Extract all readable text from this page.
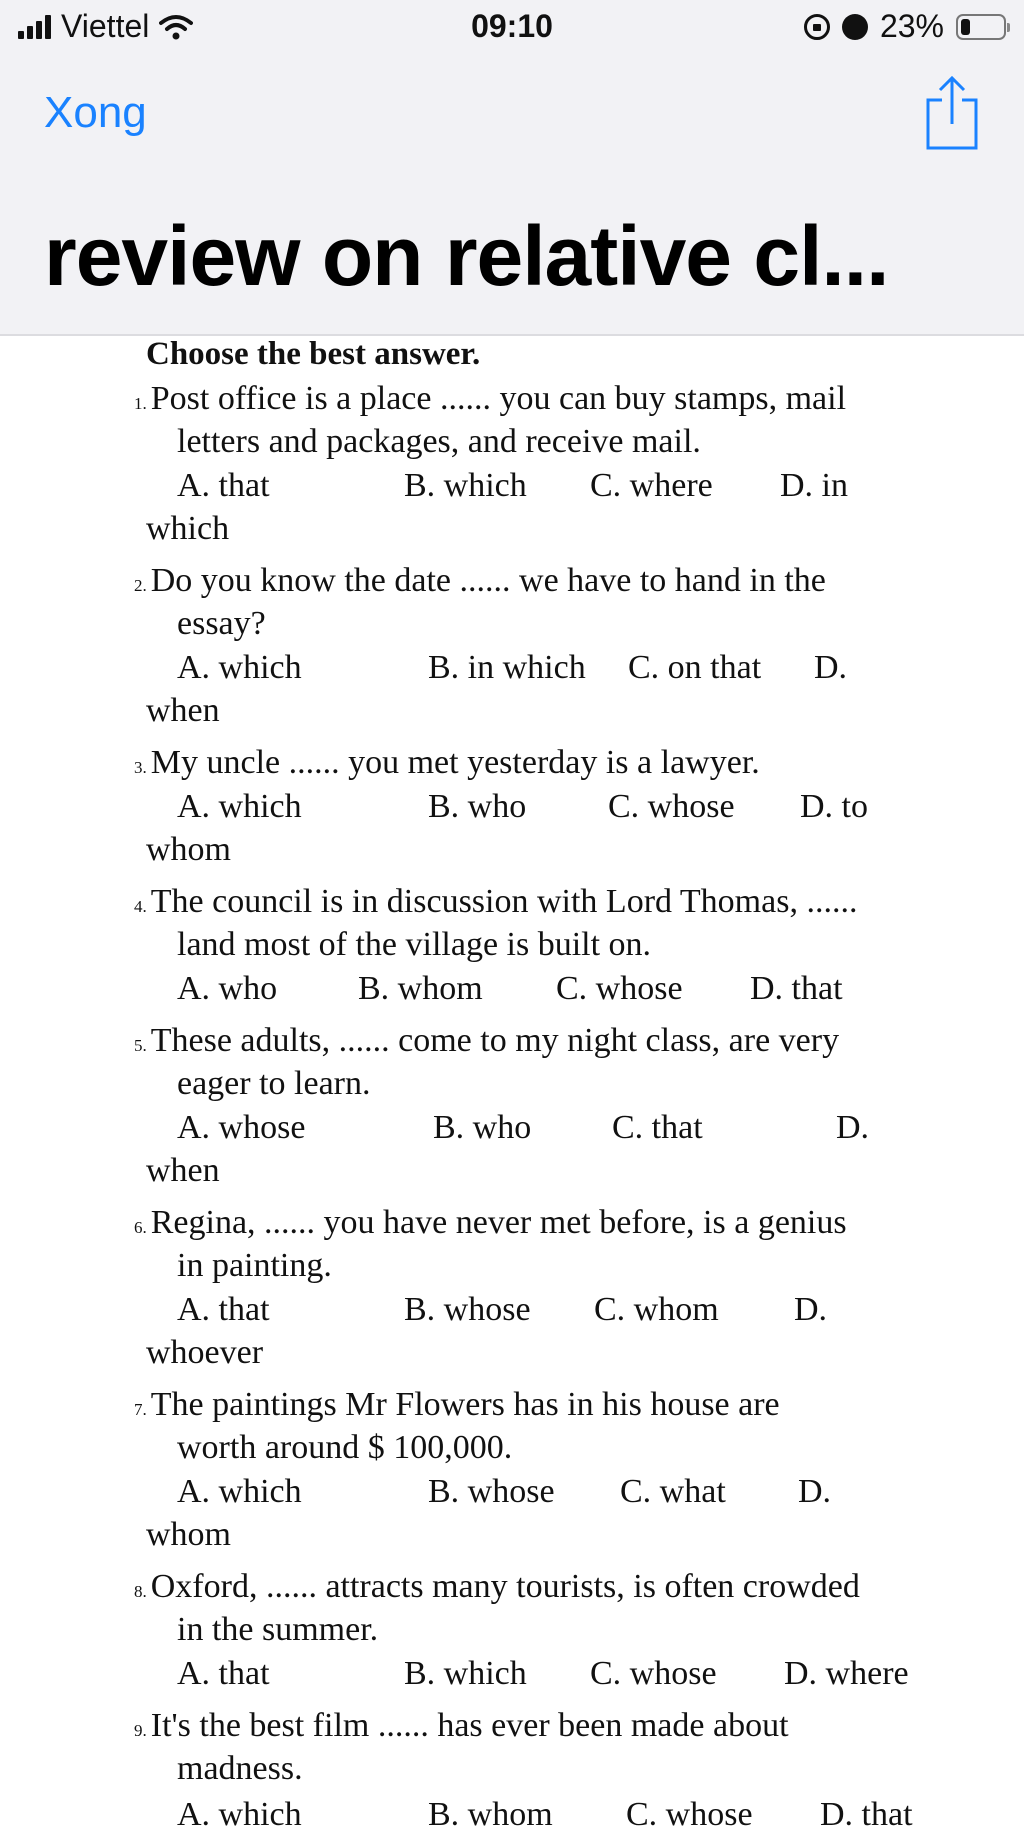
Viettel	09:10	23%
Xong
review on relative cl...
Choose the best answer.
1. Post office is a place ...... you can buy stamps, mail
letters and packages, and receive mail.
A. that	B. which C. where D. in
which
2. Do you know the date ...... we have to hand in the
essay?
A. which	B. in which C. on that D.
when
3. My uncle ...... you met yesterday is a lawyer.
A. which	B. who C. whose D. to
whom
4. The council is in discussion with Lord Thomas, ......
land most of the village is built on.
A. who B. whom C. whose D. that
5. These adults, ...... come to my night class, are very
eager to learn.
A. whose	B. who C. that	D.
when
6. Regina, ...... you have never met before, is a genius
in painting.
A. that	B. whose C. whom D.
whoever
7. The paintings Mr Flowers has in his house are
worth around $ 100,000.
A. which	B. whose C. what D.
whom
8. Oxford, ...... attracts many tourists, is often crowded
in the summer.
A. that	B. which C. whose D. where
9. It's the best film ...... has ever been made about
madness.
A. which	B. whom C. whose D. that
